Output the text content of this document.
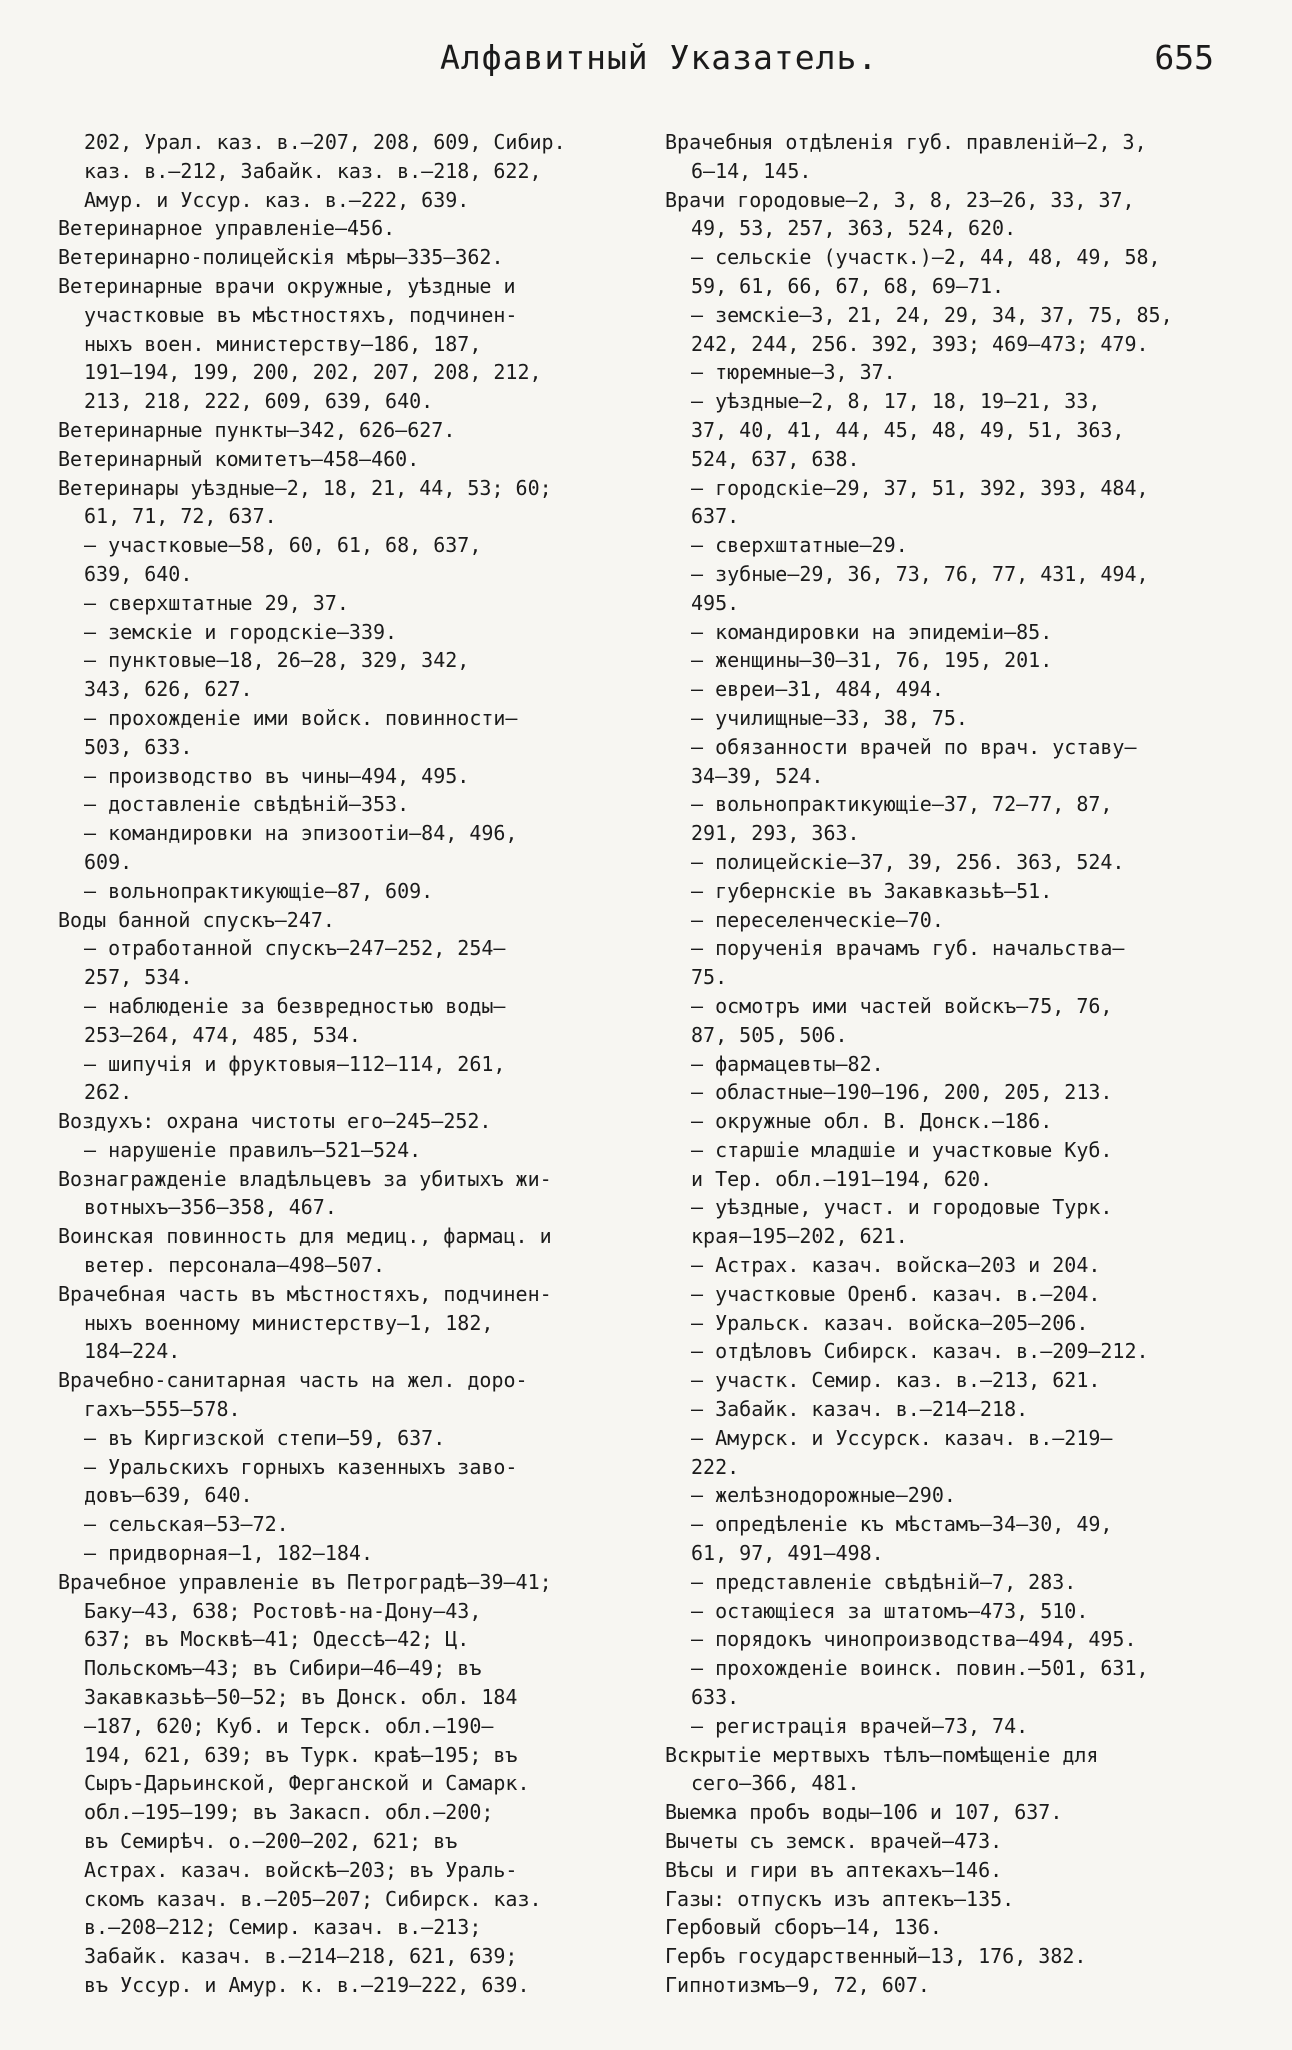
Алфавитный Указатель.	655
202, Урал. каз. в.—207, 208, 609, Сибир.
каз. в.—212, Забайк. каз. в.—218, 622,
Амур. и Уссур. каз. в.—222, 639.
Ветеринарное управленіе—456.
Ветеринарно-полицейскія мѣры—335—362.
Ветеринарные врачи окружные, уѣздные и
участковые въ мѣстностяхъ, подчинен-
ныхъ воен. министерству—186, 187,
191—194, 199, 200, 202, 207, 208, 212,
213, 218, 222, 609, 639, 640.
Ветеринарные пункты—342, 626—627.
Ветеринарный комитетъ—458—460.
Ветеринары уѣздные—2, 18, 21, 44, 53; 60;
61, 71, 72, 637.
— участковые—58, 60, 61, 68, 637,
639, 640.
— сверхштатные 29, 37.
— земскіе и городскіе—339.
— пунктовые—18, 26—28, 329, 342,
343, 626, 627.
— прохожденіе ими войск. повинности—
503, 633.
— производство въ чины—494, 495.
— доставленіе свѣдѣній—353.
— командировки на эпизоотіи—84, 496,
609.
— вольнопрактикующіе—87, 609.
Воды банной спускъ—247.
— отработанной спускъ—247—252, 254—
257, 534.
— наблюденіе за безвредностью воды—
253—264, 474, 485, 534.
— шипучія и фруктовыя—112—114, 261,
262.
Воздухъ: охрана чистоты его—245—252.
— нарушеніе правилъ—521—524.
Вознагражденіе владѣльцевъ за убитыхъ жи-
вотныхъ—356—358, 467.
Воинская повинность для медиц., фармац. и
ветер. персонала—498—507.
Врачебная часть въ мѣстностяхъ, подчинен-
ныхъ военному министерству—1, 182,
184—224.
Врачебно-санитарная часть на жел. доро-
гахъ—555—578.
— въ Киргизской степи—59, 637.
— Уральскихъ горныхъ казенныхъ заво-
довъ—639, 640.
— сельская—53—72.
— придворная—1, 182—184.
Врачебное управленіе въ Петроградѣ—39—41;
Баку—43, 638; Ростовѣ-на-Дону—43,
637; въ Москвѣ—41; Одессѣ—42; Ц.
Польскомъ—43; въ Сибири—46—49; въ
Закавказьѣ—50—52; въ Донск. обл. 184
—187, 620; Куб. и Терск. обл.—190—
194, 621, 639; въ Турк. краѣ—195; въ
Сыръ-Дарьинской, Ферганской и Самарк.
обл.—195—199; въ Закасп. обл.—200;
въ Семирѣч. о.—200—202, 621; въ
Астрах. казач. войскѣ—203; въ Ураль-
скомъ казач. в.—205—207; Сибирск. каз.
в.—208—212; Семир. казач. в.—213;
Забайк. казач. в.—214—218, 621, 639;
въ Уссур. и Амур. к. в.—219—222, 639.
Врачебныя отдѣленія губ. правленій—2, 3,
6—14, 145.
Врачи городовые—2, 3, 8, 23—26, 33, 37,
49, 53, 257, 363, 524, 620.
— сельскіе (участк.)—2, 44, 48, 49, 58,
59, 61, 66, 67, 68, 69—71.
— земскіе—3, 21, 24, 29, 34, 37, 75, 85,
242, 244, 256. 392, 393; 469—473; 479.
— тюремные—3, 37.
— уѣздные—2, 8, 17, 18, 19—21, 33,
37, 40, 41, 44, 45, 48, 49, 51, 363,
524, 637, 638.
— городскіе—29, 37, 51, 392, 393, 484,
637.
— сверхштатные—29.
— зубные—29, 36, 73, 76, 77, 431, 494,
495.
— командировки на эпидеміи—85.
— женщины—30—31, 76, 195, 201.
— евреи—31, 484, 494.
— училищные—33, 38, 75.
— обязанности врачей по врач. уставу—
34—39, 524.
— вольнопрактикующіе—37, 72—77, 87,
291, 293, 363.
— полицейскіе—37, 39, 256. 363, 524.
— губернскіе въ Закавказьѣ—51.
— переселенческіе—70.
— порученія врачамъ губ. начальства—
75.
— осмотръ ими частей войскъ—75, 76,
87, 505, 506.
— фармацевты—82.
— областные—190—196, 200, 205, 213.
— окружные обл. В. Донск.—186.
— старшіе младшіе и участковые Куб.
и Тер. обл.—191—194, 620.
— уѣздные, участ. и городовые Турк.
края—195—202, 621.
— Астрах. казач. войска—203 и 204.
— участковые Оренб. казач. в.—204.
— Уральск. казач. войска—205—206.
— отдѣловъ Сибирск. казач. в.—209—212.
— участк. Семир. каз. в.—213, 621.
— Забайк. казач. в.—214—218.
— Амурск. и Уссурск. казач. в.—219—
222.
— желѣзнодорожные—290.
— опредѣленіе къ мѣстамъ—34—30, 49,
61, 97, 491—498.
— представленіе свѣдѣній—7, 283.
— остающіеся за штатомъ—473, 510.
— порядокъ чинопроизводства—494, 495.
— прохожденіе воинск. повин.—501, 631,
633.
— регистрація врачей—73, 74.
Вскрытіе мертвыхъ тѣлъ—помѣщеніе для
сего—366, 481.
Выемка пробъ воды—106 и 107, 637.
Вычеты съ земск. врачей—473.
Вѣсы и гири въ аптекахъ—146.
Газы: отпускъ изъ аптекъ—135.
Гербовый сборъ—14, 136.
Гербъ государственный—13, 176, 382.
Гипнотизмъ—9, 72, 607.
